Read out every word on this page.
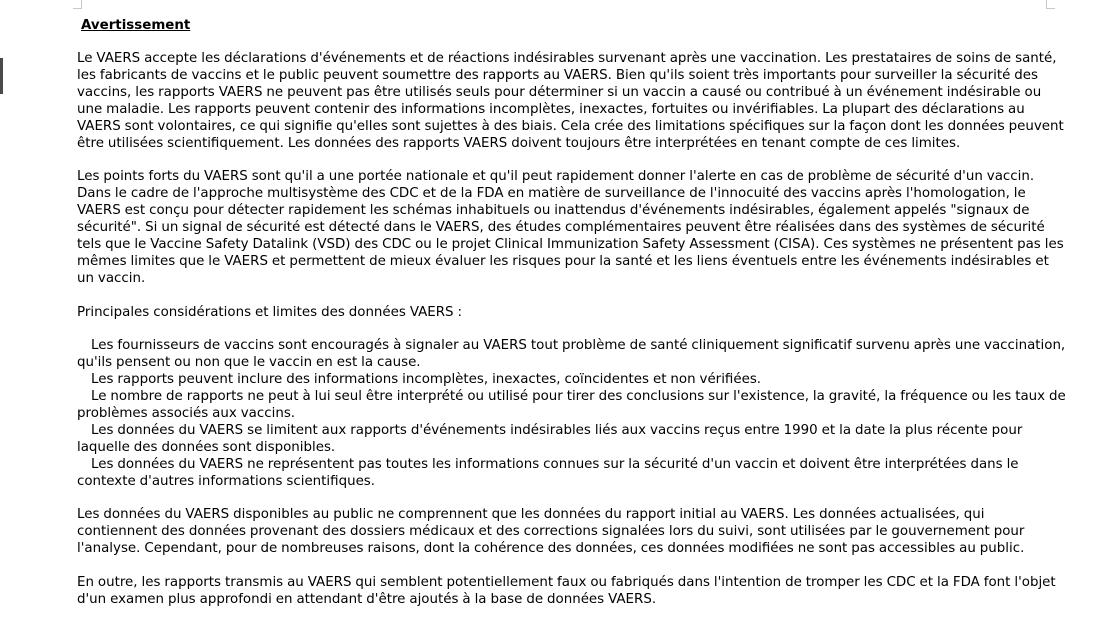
Avertissement

Le VAERS accepte les déclarations d'événements et de réactions indésirables survenant après une vaccination. Les prestataires de soins de santé, les fabricants de vaccins et le public peuvent soumettre des rapports au VAERS. Bien qu'ils soient très importants pour surveiller la sécurité des vaccins, les rapports VAERS ne peuvent pas être utilisés seuls pour déterminer si un vaccin a causé ou contribué à un événement indésirable ou une maladie. Les rapports peuvent contenir des informations incomplètes, inexactes, fortuites ou invérifiables. La plupart des déclarations au VAERS sont volontaires, ce qui signifie qu'elles sont sujettes à des biais. Cela crée des limitations spécifiques sur la façon dont les données peuvent être utilisées scientifiquement. Les données des rapports VAERS doivent toujours être interprétées en tenant compte de ces limites.

Les points forts du VAERS sont qu'il a une portée nationale et qu'il peut rapidement donner l'alerte en cas de problème de sécurité d'un vaccin. Dans le cadre de l'approche multisystème des CDC et de la FDA en matière de surveillance de l'innocuité des vaccins après l'homologation, le VAERS est conçu pour détecter rapidement les schémas inhabituels ou inattendus d'événements indésirables, également appelés "signaux de sécurité". Si un signal de sécurité est détecté dans le VAERS, des études complémentaires peuvent être réalisées dans des systèmes de sécurité tels que le Vaccine Safety Datalink (VSD) des CDC ou le projet Clinical Immunization Safety Assessment (CISA). Ces systèmes ne présentent pas les mêmes limites que le VAERS et permettent de mieux évaluer les risques pour la santé et les liens éventuels entre les événements indésirables et un vaccin.

Principales considérations et limites des données VAERS :

Les fournisseurs de vaccins sont encouragés à signaler au VAERS tout problème de santé cliniquement significatif survenu après une vaccination, qu'ils pensent ou non que le vaccin en est la cause.

Les rapports peuvent inclure des informations incomplètes, inexactes, coïncidentes et non vérifiées.

Le nombre de rapports ne peut à lui seul être interprété ou utilisé pour tirer des conclusions sur l'existence, la gravité, la fréquence ou les taux de problèmes associés aux vaccins.

Les données du VAERS se limitent aux rapports d'événements indésirables liés aux vaccins reçus entre 1990 et la date la plus récente pour laquelle des données sont disponibles.

Les données du VAERS ne représentent pas toutes les informations connues sur la sécurité d'un vaccin et doivent être interprétées dans le contexte d'autres informations scientifiques.

Les données du VAERS disponibles au public ne comprennent que les données du rapport initial au VAERS. Les données actualisées, qui contiennent des données provenant des dossiers médicaux et des corrections signalées lors du suivi, sont utilisées par le gouvernement pour l'analyse. Cependant, pour de nombreuses raisons, dont la cohérence des données, ces données modifiées ne sont pas accessibles au public.

En outre, les rapports transmis au VAERS qui semblent potentiellement faux ou fabriqués dans l'intention de tromper les CDC et la FDA font l'objet d'un examen plus approfondi en attendant d'être ajoutés à la base de données VAERS.
